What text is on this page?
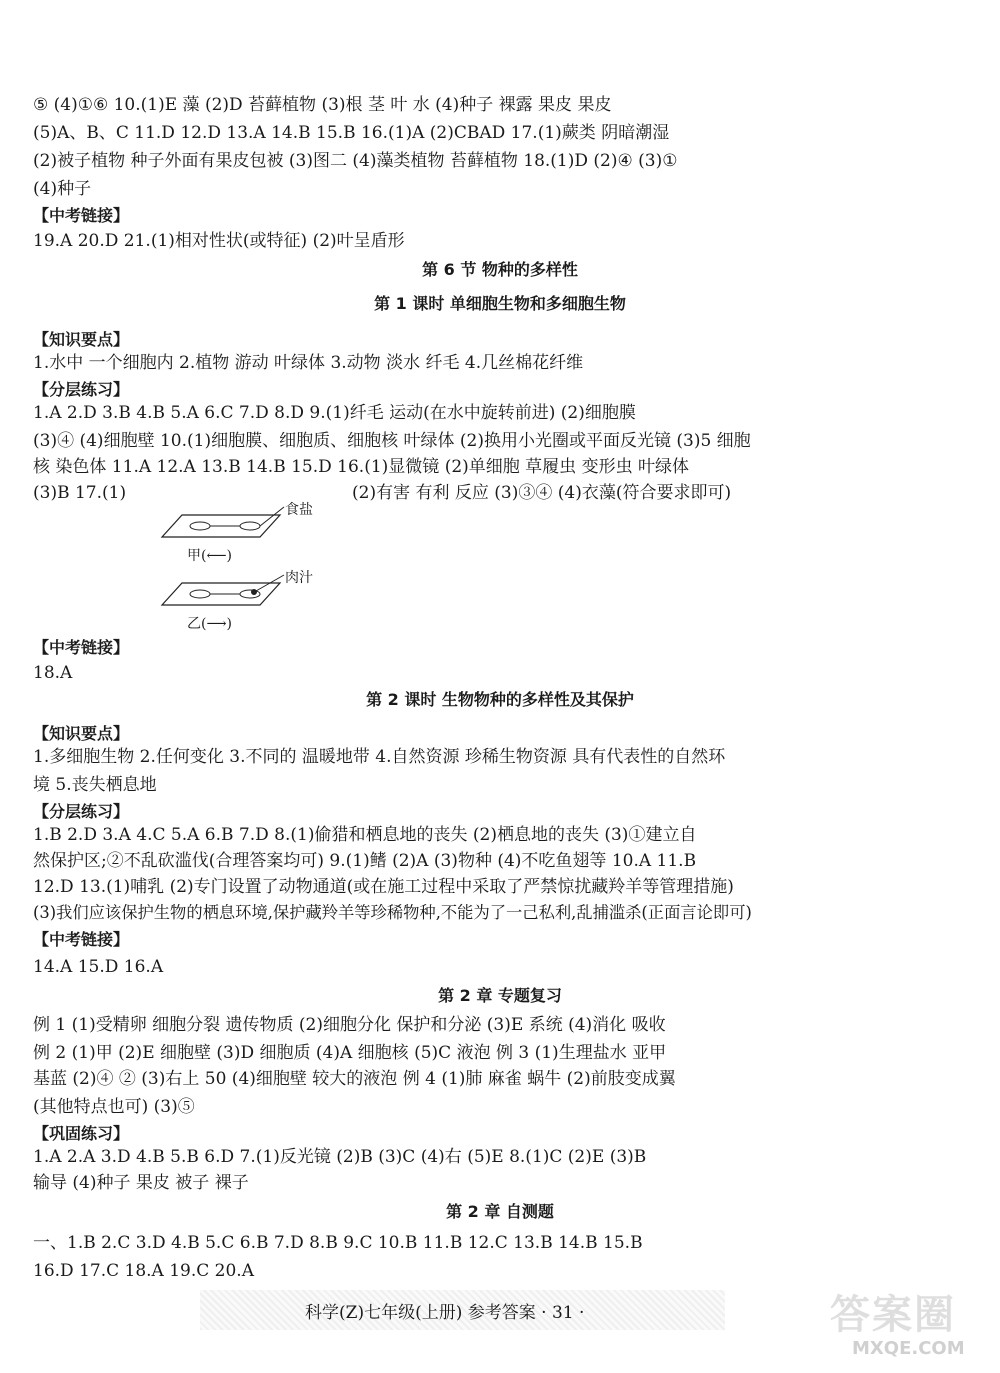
⑤ (4)①⑥ 10.(1)E 藻 (2)D 苔藓植物 (3)根 茎 叶 水 (4)种子 裸露 果皮 果皮
(5)A、B、C 11.D 12.D 13.A 14.B 15.B 16.(1)A (2)CBAD 17.(1)蕨类 阴暗潮湿
(2)被子植物 种子外面有果皮包被 (3)图二 (4)藻类植物 苔藓植物 18.(1)D (2)④ (3)①
(4)种子
【中考链接】
19.A 20.D 21.(1)相对性状(或特征) (2)叶呈盾形
第 6 节 物种的多样性
第 1 课时 单细胞生物和多细胞生物
【知识要点】
1.水中 一个细胞内 2.植物 游动 叶绿体 3.动物 淡水 纤毛 4.几丝棉花纤维
【分层练习】
1.A 2.D 3.B 4.B 5.A 6.C 7.D 8.D 9.(1)纤毛 运动(在水中旋转前进) (2)细胞膜
(3)④ (4)细胞壁 10.(1)细胞膜、细胞质、细胞核 叶绿体 (2)换用小光圈或平面反光镜 (3)5 细胞
核 染色体 11.A 12.A 13.B 14.B 15.D 16.(1)显微镜 (2)单细胞 草履虫 变形虫 叶绿体
(3)B 17.(1)	(2)有害 有利 反应 (3)③④ (4)衣藻(符合要求即可)
食盐
甲(⟵)
肉汁
乙(⟶)
【中考链接】
18.A
第 2 课时 生物物种的多样性及其保护
【知识要点】
1.多细胞生物 2.任何变化 3.不同的 温暖地带 4.自然资源 珍稀生物资源 具有代表性的自然环
境 5.丧失栖息地
【分层练习】
1.B 2.D 3.A 4.C 5.A 6.B 7.D 8.(1)偷猎和栖息地的丧失 (2)栖息地的丧失 (3)①建立自
然保护区;②不乱砍滥伐(合理答案均可) 9.(1)鳍 (2)A (3)物种 (4)不吃鱼翅等 10.A 11.B
12.D 13.(1)哺乳 (2)专门设置了动物通道(或在施工过程中采取了严禁惊扰藏羚羊等管理措施)
(3)我们应该保护生物的栖息环境,保护藏羚羊等珍稀物种,不能为了一己私利,乱捕滥杀(正面言论即可)
【中考链接】
14.A 15.D 16.A
第 2 章 专题复习
例 1 (1)受精卵 细胞分裂 遗传物质 (2)细胞分化 保护和分泌 (3)E 系统 (4)消化 吸收
例 2 (1)甲 (2)E 细胞壁 (3)D 细胞质 (4)A 细胞核 (5)C 液泡 例 3 (1)生理盐水 亚甲
基蓝 (2)④ ② (3)右上 50 (4)细胞壁 较大的液泡 例 4 (1)肺 麻雀 蜗牛 (2)前肢变成翼
(其他特点也可) (3)⑤
【巩固练习】
1.A 2.A 3.D 4.B 5.B 6.D 7.(1)反光镜 (2)B (3)C (4)右 (5)E 8.(1)C (2)E (3)B
输导 (4)种子 果皮 被子 裸子
第 2 章 自测题
一、1.B 2.C 3.D 4.B 5.C 6.B 7.D 8.B 9.C 10.B 11.B 12.C 13.B 14.B 15.B
16.D 17.C 18.A 19.C 20.A
科学(Z)七年级(上册) 参考答案 · 31 ·	答案圈
MXQE.COM
